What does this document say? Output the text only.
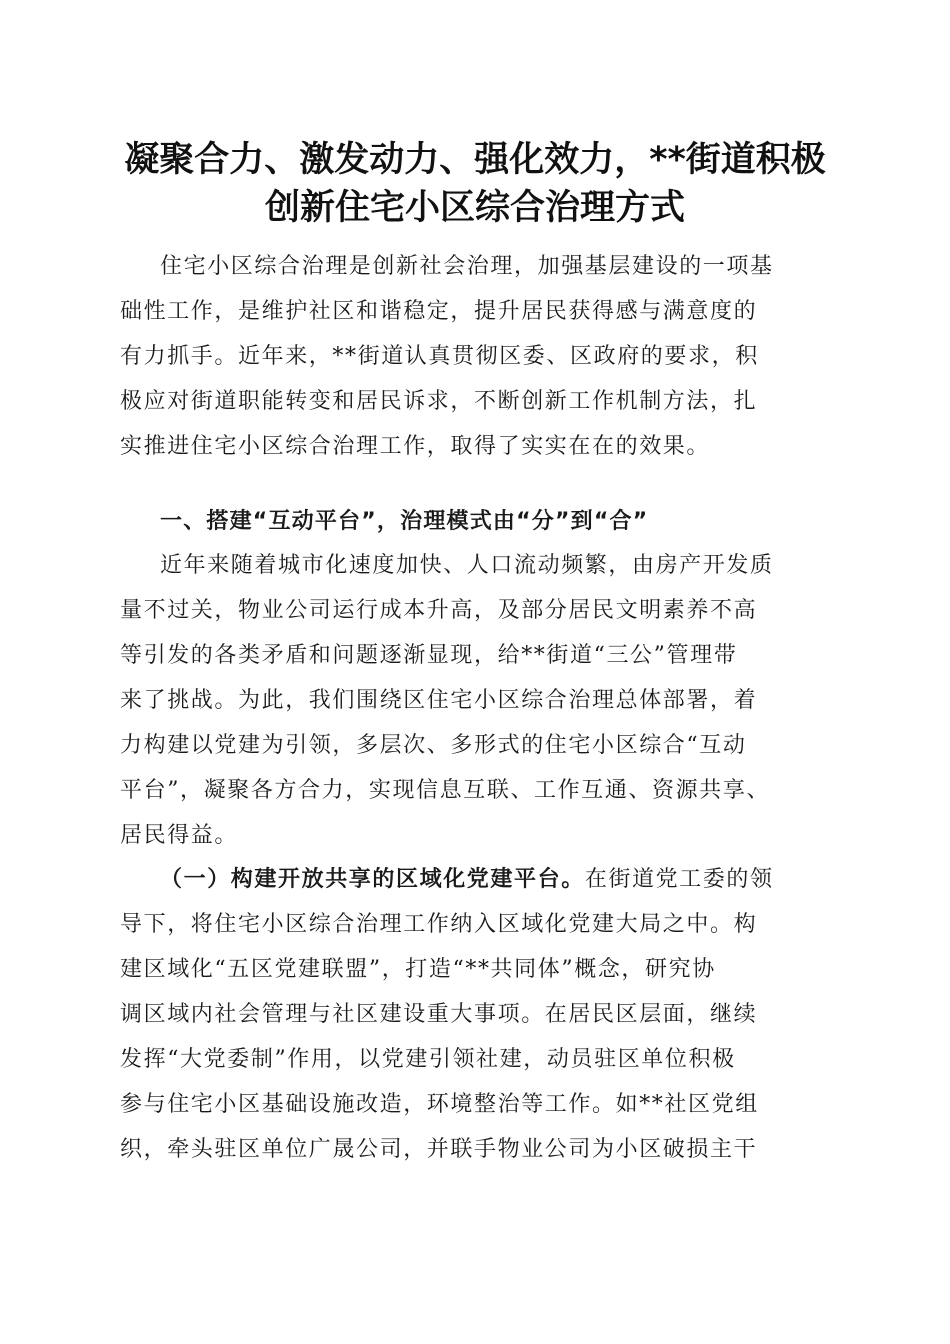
凝聚合力、激发动力、强化效力，**街道积极
创新住宅小区综合治理方式
住宅小区综合治理是创新社会治理，加强基层建设的一项基
础性工作，是维护社区和谐稳定，提升居民获得感与满意度的
有力抓手。近年来，**街道认真贯彻区委、区政府的要求，积
极应对街道职能转变和居民诉求，不断创新工作机制方法，扎
实推进住宅小区综合治理工作，取得了实实在在的效果。
一、搭建“互动平台”，治理模式由“分”到“合”
近年来随着城市化速度加快、人口流动频繁，由房产开发质
量不过关，物业公司运行成本升高，及部分居民文明素养不高
等引发的各类矛盾和问题逐渐显现，给**街道“三公”管理带
来了挑战。为此，我们围绕区住宅小区综合治理总体部署，着
力构建以党建为引领，多层次、多形式的住宅小区综合“互动
平台”，凝聚各方合力，实现信息互联、工作互通、资源共享、
居民得益。
（一）构建开放共享的区域化党建平台。在街道党工委的领
导下，将住宅小区综合治理工作纳入区域化党建大局之中。构
建区域化“五区党建联盟”，打造“**共同体”概念，研究协
调区域内社会管理与社区建设重大事项。在居民区层面，继续
发挥“大党委制”作用，以党建引领社建，动员驻区单位积极
参与住宅小区基础设施改造，环境整治等工作。如**社区党组
织，牵头驻区单位广晟公司，并联手物业公司为小区破损主干
